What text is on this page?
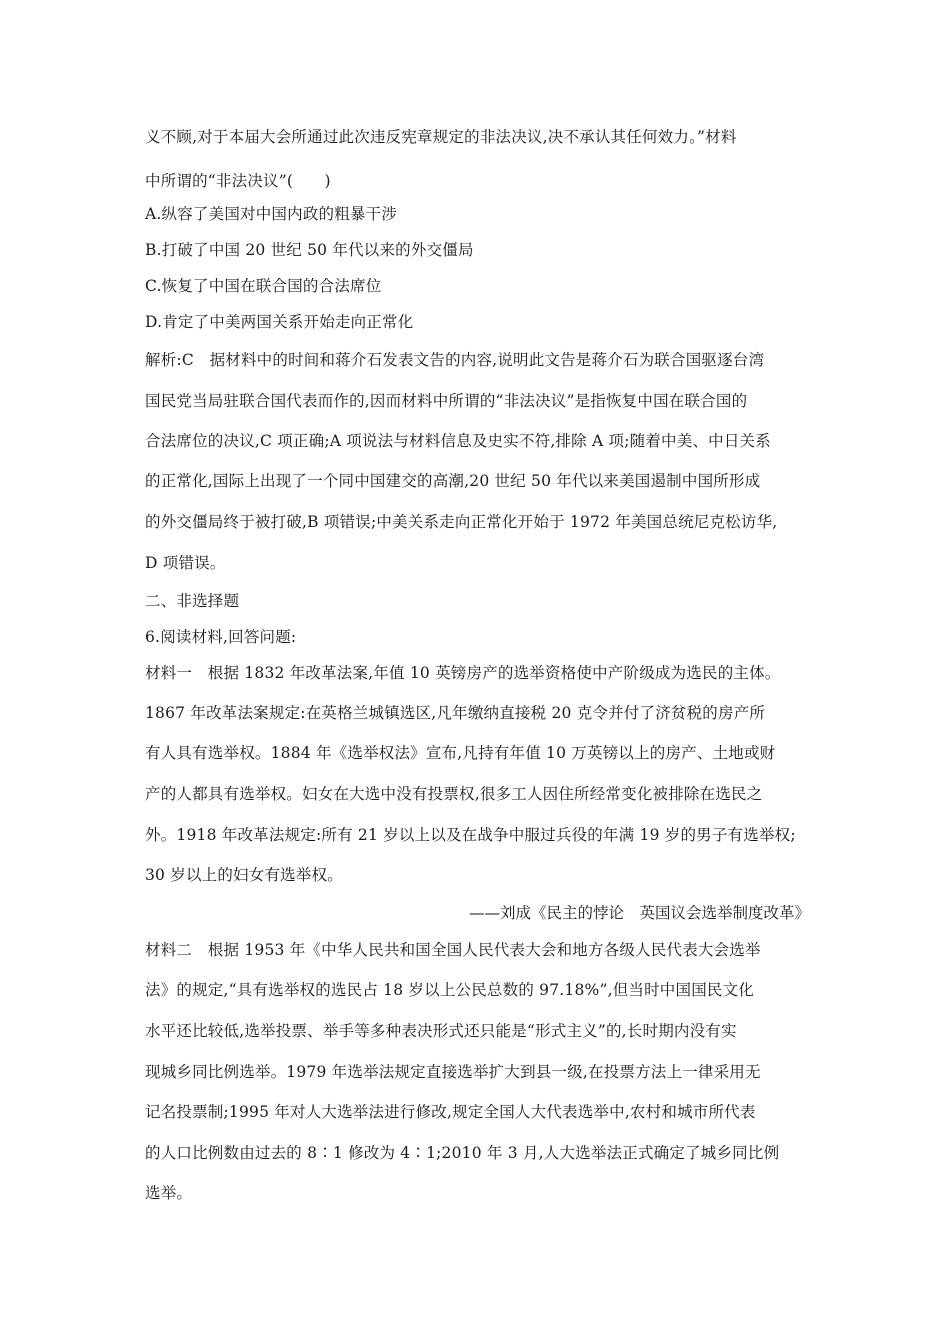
义不顾,对于本届大会所通过此次违反宪章规定的非法决议,决不承认其任何效力。”材料
中所谓的“非法决议”(　　)
A.纵容了美国对中国内政的粗暴干涉
B.打破了中国 20 世纪 50 年代以来的外交僵局
C.恢复了中国在联合国的合法席位
D.肯定了中美两国关系开始走向正常化
解析:C　据材料中的时间和蒋介石发表文告的内容,说明此文告是蒋介石为联合国驱逐台湾
国民党当局驻联合国代表而作的,因而材料中所谓的“非法决议”是指恢复中国在联合国的
合法席位的决议,C 项正确;A 项说法与材料信息及史实不符,排除 A 项;随着中美、中日关系
的正常化,国际上出现了一个同中国建交的高潮,20 世纪 50 年代以来美国遏制中国所形成
的外交僵局终于被打破,B 项错误;中美关系走向正常化开始于 1972 年美国总统尼克松访华,
D 项错误。
二、非选择题
6.阅读材料,回答问题:
材料一　根据 1832 年改革法案,年值 10 英镑房产的选举资格使中产阶级成为选民的主体。
1867 年改革法案规定:在英格兰城镇选区,凡年缴纳直接税 20 克令并付了济贫税的房产所
有人具有选举权。1884 年《选举权法》宣布,凡持有年值 10 万英镑以上的房产、土地或财
产的人都具有选举权。妇女在大选中没有投票权,很多工人因住所经常变化被排除在选民之
外。1918 年改革法规定:所有 21 岁以上以及在战争中服过兵役的年满 19 岁的男子有选举权;
30 岁以上的妇女有选举权。
——刘成《民主的悖论　英国议会选举制度改革》
材料二　根据 1953 年《中华人民共和国全国人民代表大会和地方各级人民代表大会选举
法》的规定,“具有选举权的选民占 18 岁以上公民总数的 97.18%”,但当时中国国民文化
水平还比较低,选举投票、举手等多种表决形式还只能是“形式主义”的,长时期内没有实
现城乡同比例选举。1979 年选举法规定直接选举扩大到县一级,在投票方法上一律采用无
记名投票制;1995 年对人大选举法进行修改,规定全国人大代表选举中,农村和城市所代表
的人口比例数由过去的 8∶1 修改为 4∶1;2010 年 3 月,人大选举法正式确定了城乡同比例
选举。
